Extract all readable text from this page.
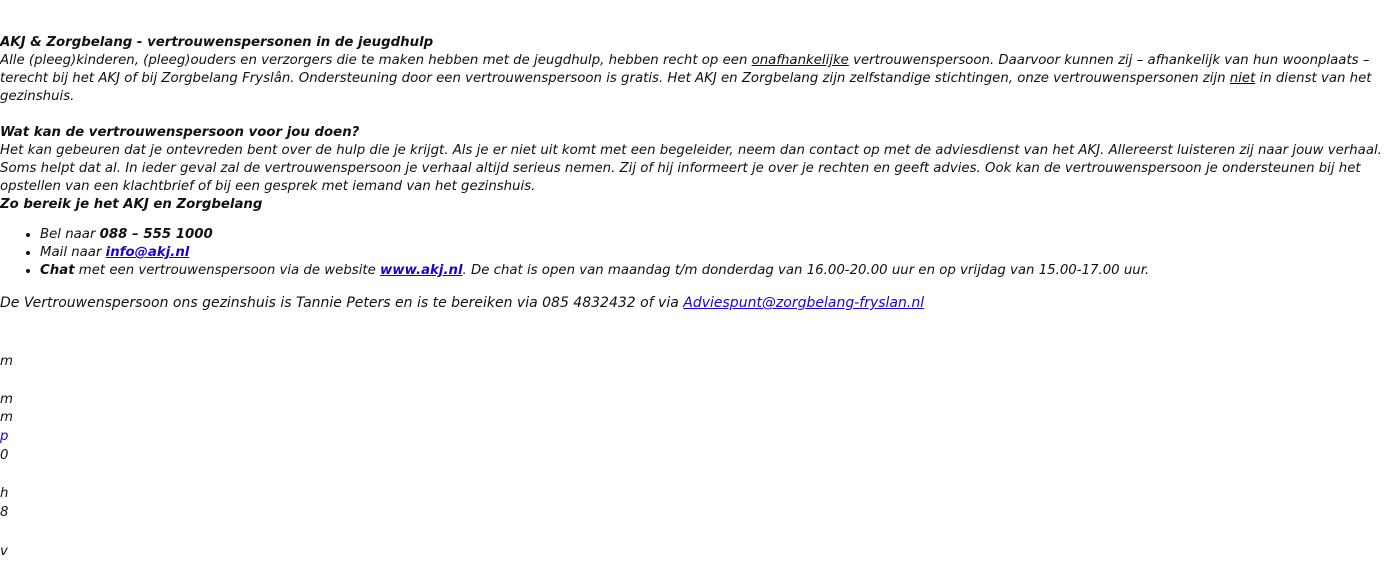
AKJ & Zorgbelang - vertrouwenspersonen in de jeugdhulp

Alle (pleeg)kinderen, (pleeg)ouders en verzorgers die te maken hebben met de jeugdhulp, hebben recht op een onafhankelijke vertrouwenspersoon. Daarvoor kunnen zij – afhankelijk van hun woonplaats – terecht bij het AKJ of bij Zorgbelang Fryslân. Ondersteuning door een vertrouwenspersoon is gratis. Het AKJ en Zorgbelang zijn zelfstandige stichtingen, onze vertrouwenspersonen zijn niet in dienst van het gezinshuis.

Wat kan de vertrouwenspersoon voor jou doen?

Het kan gebeuren dat je ontevreden bent over de hulp die je krijgt. Als je er niet uit komt met een begeleider, neem dan contact op met de adviesdienst van het AKJ. Allereerst luisteren zij naar jouw verhaal. Soms helpt dat al. In ieder geval zal de vertrouwenspersoon je verhaal altijd serieus nemen. Zij of hij informeert je over je rechten en geeft advies. Ook kan de vertrouwenspersoon je ondersteunen bij het opstellen van een klachtbrief of bij een gesprek met iemand van het gezinshuis.

Zo bereik je het AKJ en Zorgbelang

• Bel naar 088 – 555 1000
• Mail naar info@akj.nl
• Chat met een vertrouwenspersoon via de website www.akj.nl. De chat is open van maandag t/m donderdag van 16.00-20.00 uur en op vrijdag van 15.00-17.00 uur.

De Vertrouwenspersoon ons gezinshuis is Tannie Peters en is te bereiken via 085 4832432 of via Adviespunt@zorgbelang-fryslan.nl

m
m
m
p
0
h
8
v
